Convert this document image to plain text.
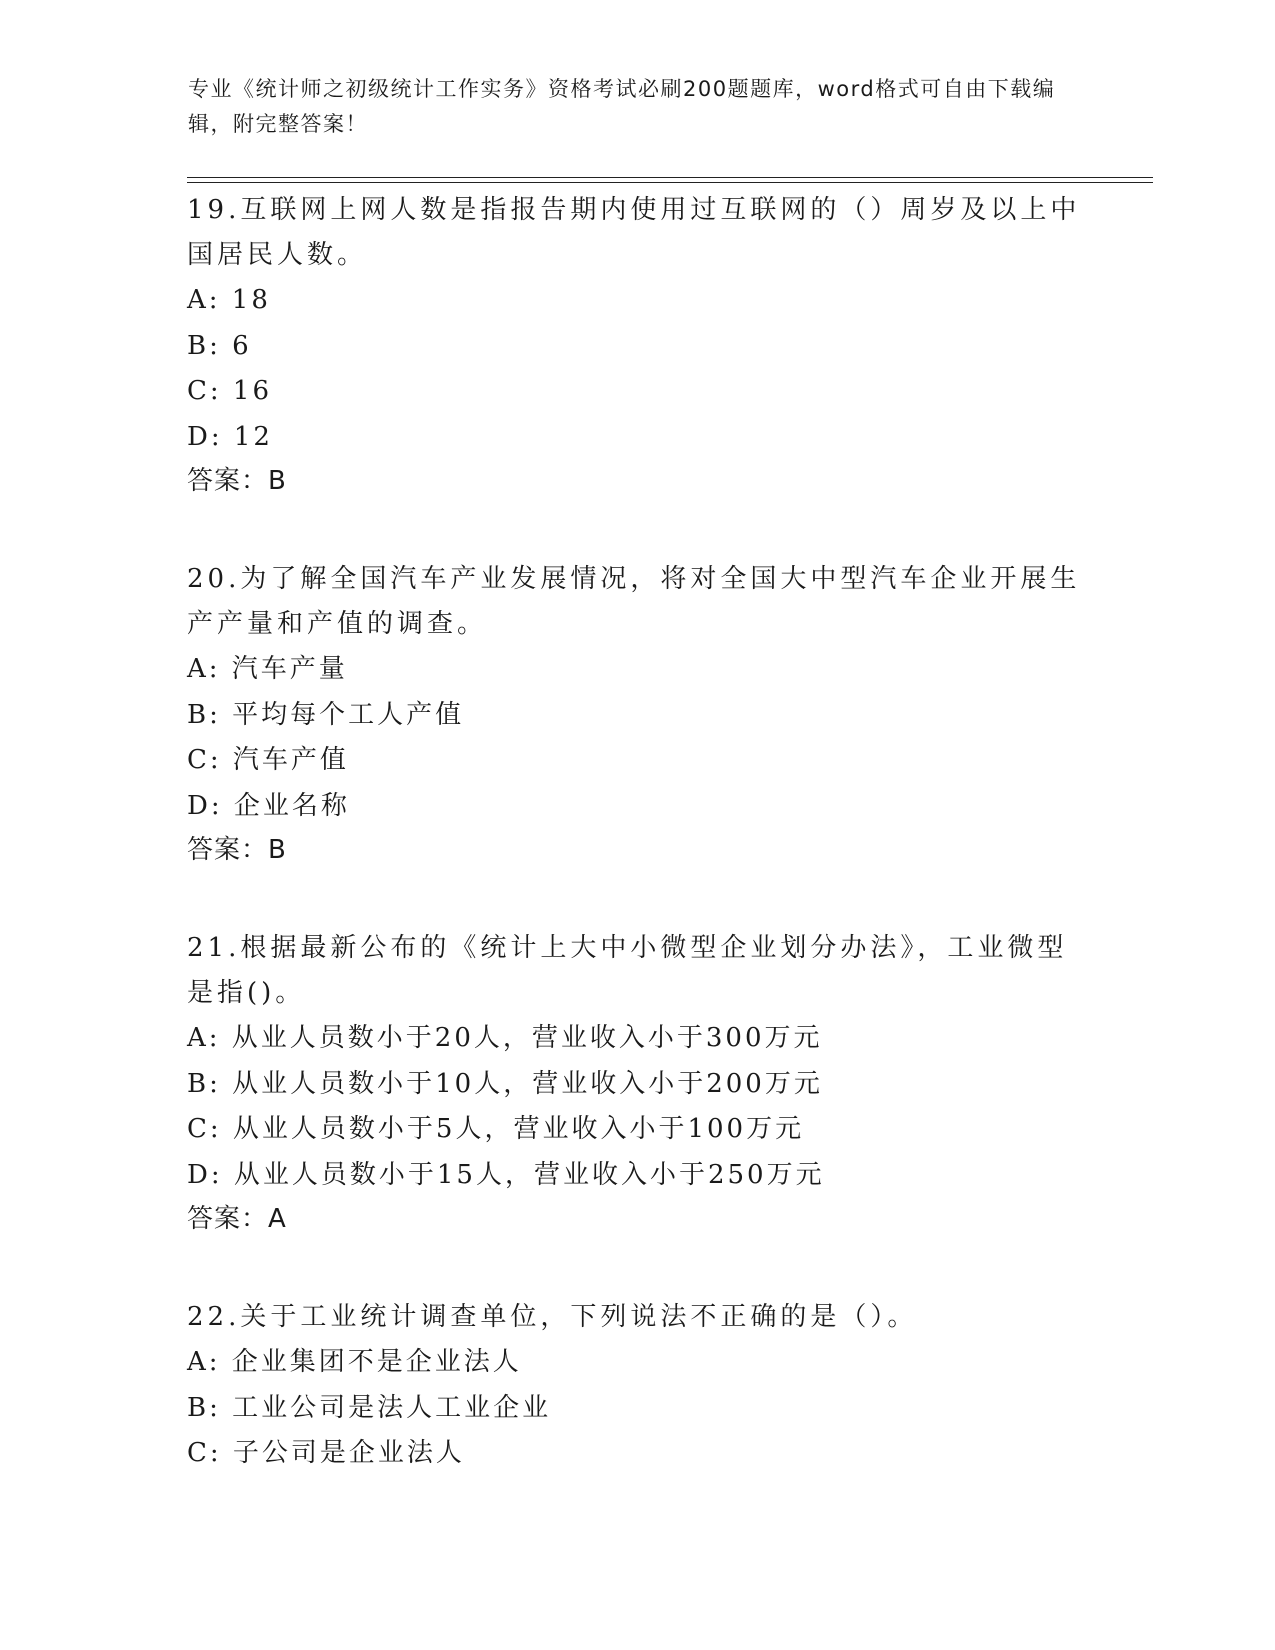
专业《统计师之初级统计工作实务》资格考试必刷200题题库，word格式可自由下载编辑，附完整答案！

19.互联网上网人数是指报告期内使用过互联网的（）周岁及以上中国居民人数。

A: 18

B: 6

C: 16

D: 12

答案：B

20.为了解全国汽车产业发展情况，将对全国大中型汽车企业开展生产产量和产值的调查。

A: 汽车产量

B: 平均每个工人产值

C: 汽车产值

D: 企业名称

答案：B

21.根据最新公布的《统计上大中小微型企业划分办法》，工业微型是指()。

A: 从业人员数小于20人，营业收入小于300万元

B: 从业人员数小于10人，营业收入小于200万元

C: 从业人员数小于5人，营业收入小于100万元

D: 从业人员数小于15人，营业收入小于250万元

答案：A

22.关于工业统计调查单位，下列说法不正确的是（）。

A: 企业集团不是企业法人

B: 工业公司是法人工业企业

C: 子公司是企业法人
